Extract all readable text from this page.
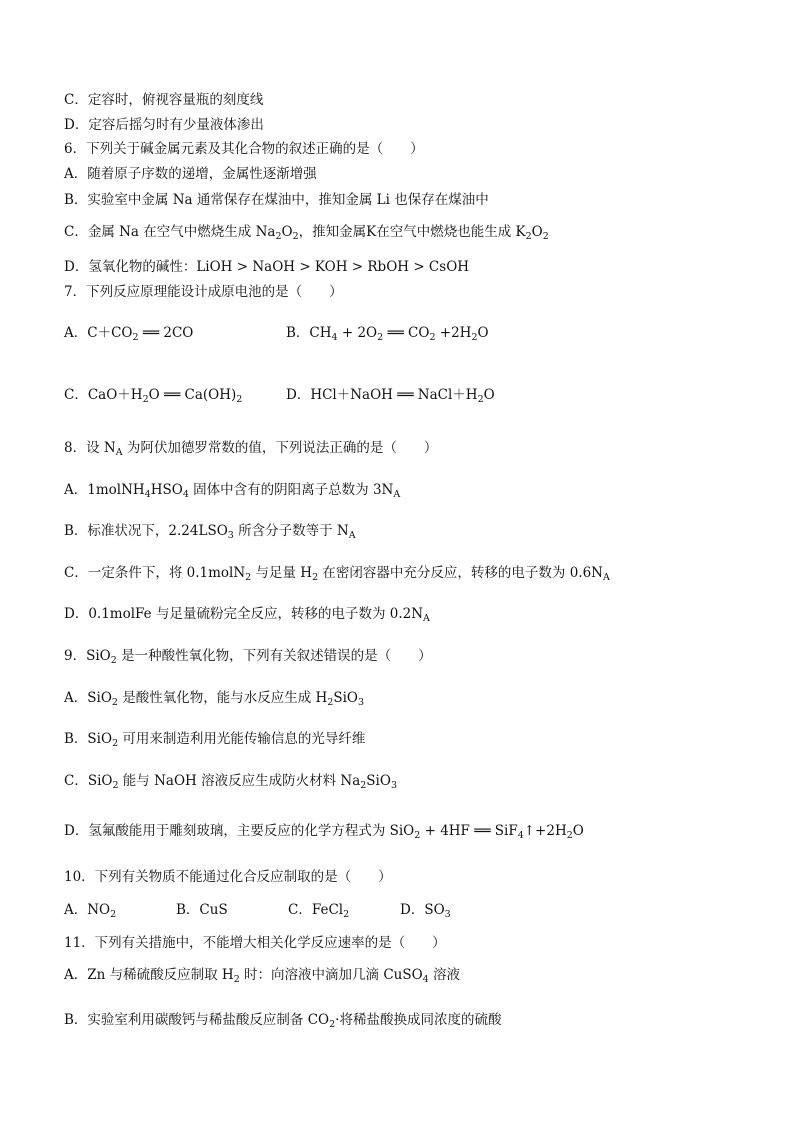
C．定容时，俯视容量瓶的刻度线
D．定容后摇匀时有少量液体渗出
6．下列关于碱金属元素及其化合物的叙述正确的是（　　）
A．随着原子序数的递增，金属性逐渐增强
B．实验室中金属 Na 通常保存在煤油中，推知金属 Li 也保存在煤油中
C．金属 Na 在空气中燃烧生成 $Na_2O_2$，推知金属K在空气中燃烧也能生成 $K_2O_2$
D．氢氧化物的碱性：LiOH > NaOH > KOH > RbOH > CsOH
7．下列反应原理能设计成原电池的是（　　）
A．$C+CO_2$ ══ 2CO	B．$CH_4 + 2O_2$ ══ $CO_2 +2H_2O$
C．$CaO+H_2O$ ══ $Ca(OH)_2$	D．HCl＋NaOH ══ $NaCl+H_2O$
8．设 $N_A$ 为阿伏加德罗常数的值，下列说法正确的是（　　）
A．$1molNH_4HSO_4$ 固体中含有的阴阳离子总数为 $3N_A$
B．标准状况下，$2.24LSO_3$ 所含分子数等于 $N_A$
C．一定条件下，将 0.1molN$_2$ 与足量 $H_2$ 在密闭容器中充分反应，转移的电子数为 $0.6N_A$
D．0.1molFe 与足量硫粉完全反应，转移的电子数为 $0.2N_A$
9．SiO$_2$ 是一种酸性氧化物，下列有关叙述错误的是（　　）
A．SiO$_2$ 是酸性氧化物，能与水反应生成 $H_2SiO_3$
B．SiO$_2$ 可用来制造利用光能传输信息的光导纤维
C．SiO$_2$ 能与 NaOH 溶液反应生成防火材料 $Na_2SiO_3$
D．氢氟酸能用于雕刻玻璃，主要反应的化学方程式为 SiO$_2$ + 4HF ══ $SiF_4↑+2H_2O$
10．下列有关物质不能通过化合反应制取的是（　　）
A．$NO_2$	B．CuS	C．FeCl$_2$	D．$SO_3$
11．下列有关措施中，不能增大相关化学反应速率的是（　　）
A．Zn 与稀硫酸反应制取 $H_2$ 时：向溶液中滴加几滴 CuSO$_4$ 溶液
B．实验室利用碳酸钙与稀盐酸反应制备 $CO_2\cdot$将稀盐酸换成同浓度的硫酸
